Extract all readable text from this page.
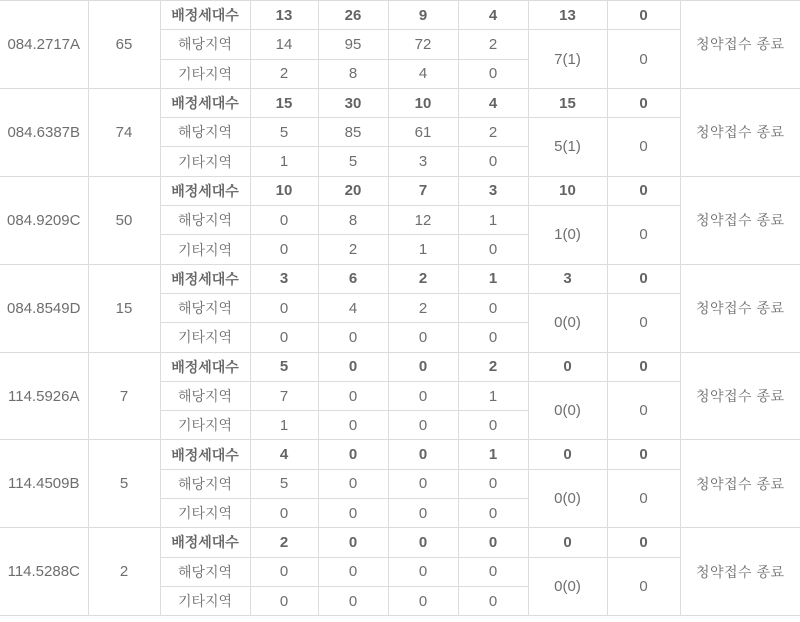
084.2717A	65	배정세대수	13	26	9	4	13	0	청약접수 종료
		해당지역	14	95	72	2	7(1)	0	
		기타지역	2	8	4	0			
084.6387B	74	배정세대수	15	30	10	4	15	0	청약접수 종료
		해당지역	5	85	61	2	5(1)	0	
		기타지역	1	5	3	0			
084.9209C	50	배정세대수	10	20	7	3	10	0	청약접수 종료
		해당지역	0	8	12	1	1(0)	0	
		기타지역	0	2	1	0			
084.8549D	15	배정세대수	3	6	2	1	3	0	청약접수 종료
		해당지역	0	4	2	0	0(0)	0	
		기타지역	0	0	0	0			
114.5926A	7	배정세대수	5	0	0	2	0	0	청약접수 종료
		해당지역	7	0	0	1	0(0)	0	
		기타지역	1	0	0	0			
114.4509B	5	배정세대수	4	0	0	1	0	0	청약접수 종료
		해당지역	5	0	0	0	0(0)	0	
		기타지역	0	0	0	0			
114.5288C	2	배정세대수	2	0	0	0	0	0	청약접수 종료
		해당지역	0	0	0	0	0(0)	0	
		기타지역	0	0	0	0			
